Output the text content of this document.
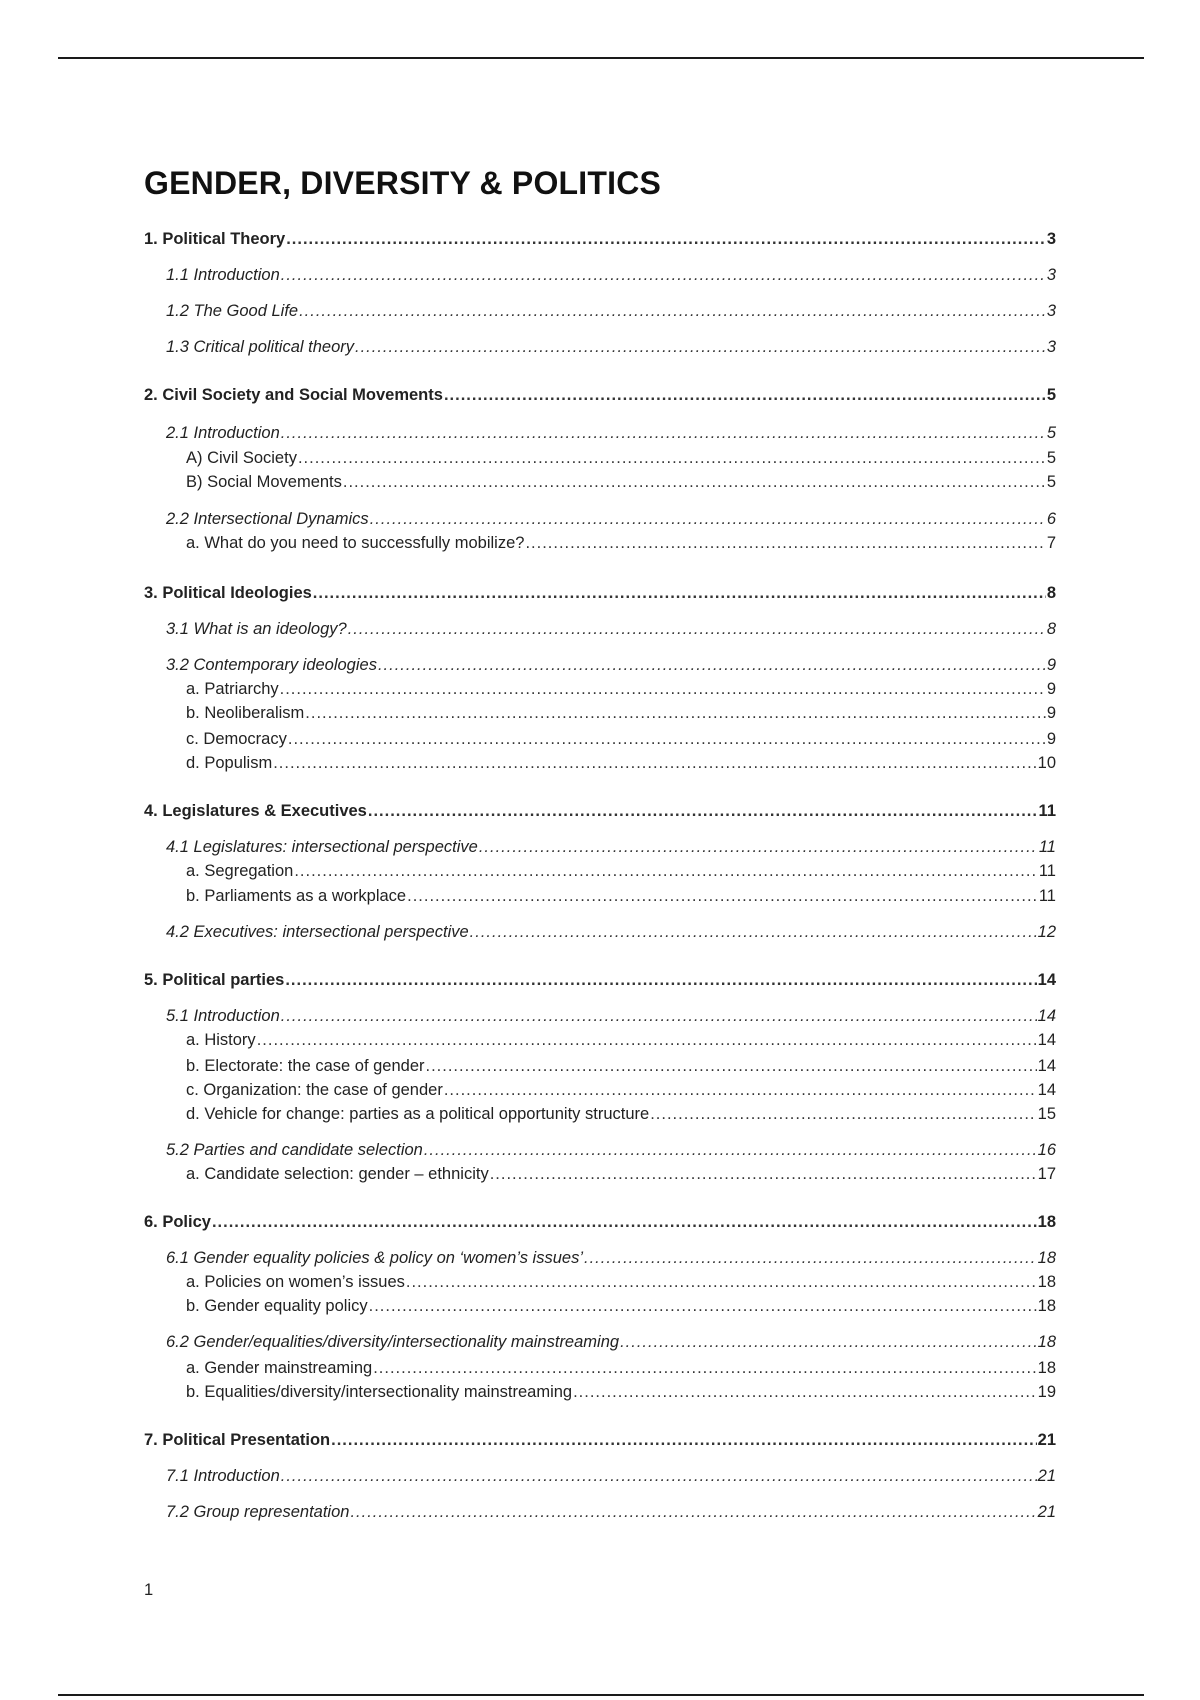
GENDER, DIVERSITY & POLITICS
1. Political Theory .....	3
1.1 Introduction .....	3
1.2 The Good Life .....	3
1.3 Critical political theory .....	3
2. Civil Society and Social Movements .....	5
2.1 Introduction .....	5
A) Civil Society .....	5
B) Social Movements .....	5
2.2 Intersectional Dynamics .....	6
a. What do you need to successfully mobilize? .....	7
3. Political Ideologies .....	8
3.1 What is an ideology? .....	8
3.2 Contemporary ideologies .....	9
a. Patriarchy .....	9
b. Neoliberalism .....	9
c. Democracy .....	9
d. Populism .....	10
4. Legislatures & Executives .....	11
4.1 Legislatures: intersectional perspective .....	11
a. Segregation .....	11
b. Parliaments as a workplace .....	11
4.2 Executives: intersectional perspective .....	12
5. Political parties .....	14
5.1 Introduction .....	14
a. History .....	14
b. Electorate: the case of gender .....	14
c. Organization: the case of gender .....	14
d. Vehicle for change: parties as a political opportunity structure .....	15
5.2 Parties and candidate selection .....	16
a. Candidate selection: gender – ethnicity .....	17
6. Policy .....	18
6.1 Gender equality policies & policy on ‘women’s issues’ .....	18
a. Policies on women’s issues .....	18
b. Gender equality policy .....	18
6.2 Gender/equalities/diversity/intersectionality mainstreaming .....	18
a. Gender mainstreaming .....	18
b. Equalities/diversity/intersectionality mainstreaming .....	19
7. Political Presentation .....	21
7.1 Introduction .....	21
7.2 Group representation .....	21
1
